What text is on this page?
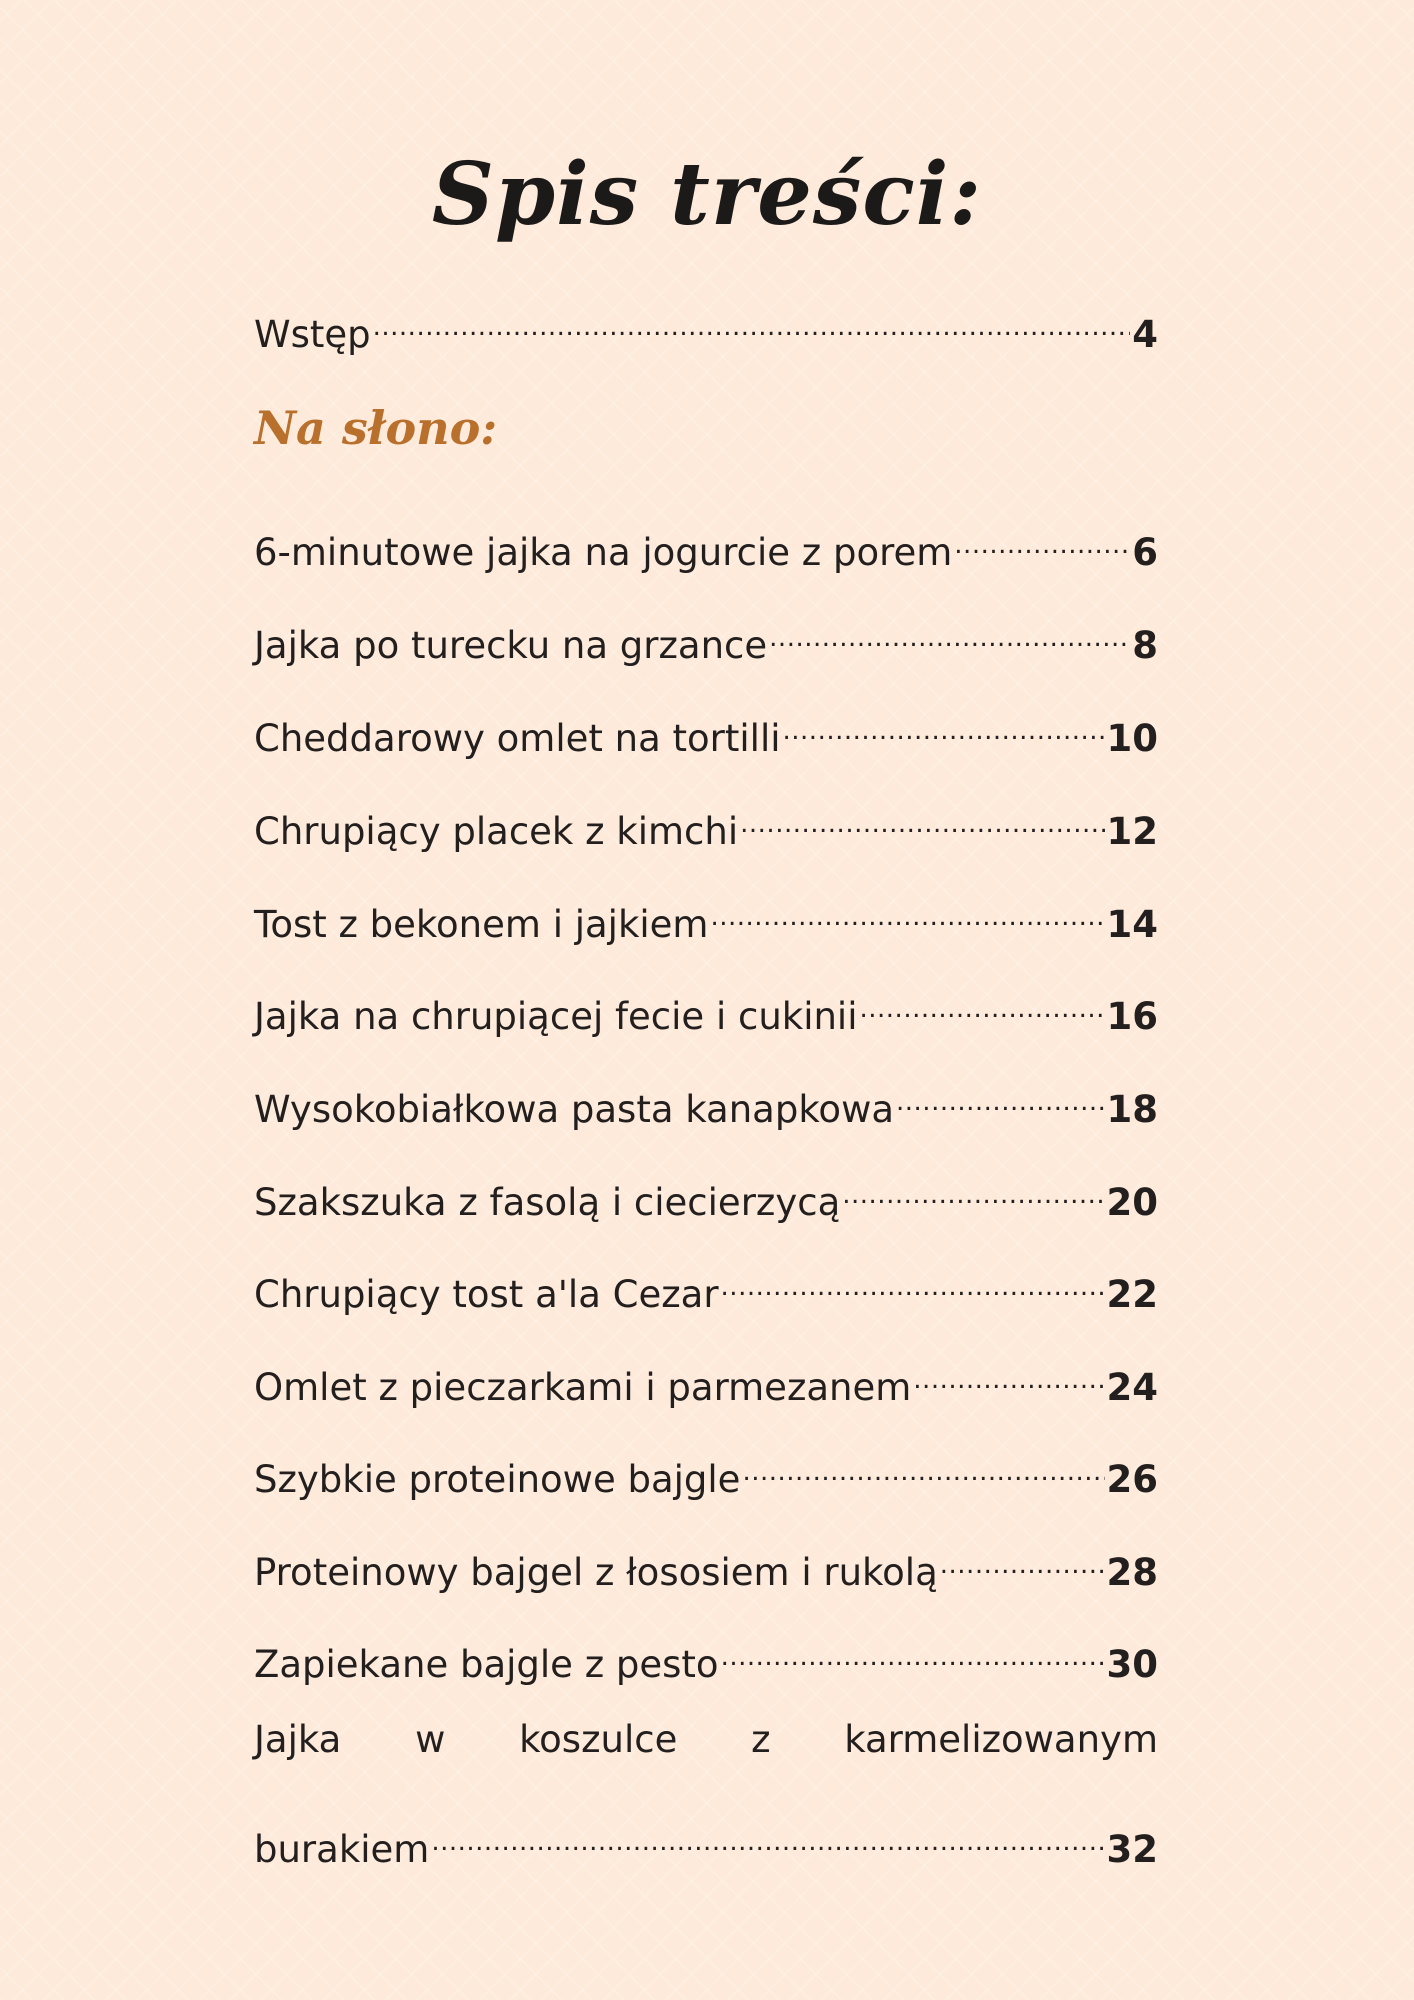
Spis treści:
Wstęp .....	4
Na słono:
6-minutowe jajka na jogurcie z porem .....	6
Jajka po turecku na grzance .....	8
Cheddarowy omlet na tortilli .....	10
Chrupiący placek z kimchi .....	12
Tost z bekonem i jajkiem .....	14
Jajka na chrupiącej fecie i cukinii .....	16
Wysokobiałkowa pasta kanapkowa .....	18
Szakszuka z fasolą i ciecierzycą .....	20
Chrupiący tost a'la Cezar .....	22
Omlet z pieczarkami i parmezanem .....	24
Szybkie proteinowe bajgle .....	26
Proteinowy bajgel z łososiem i rukolą .....	28
Zapiekane bajgle z pesto .....	30
Jajka w koszulce z karmelizowanym
burakiem .....	32
